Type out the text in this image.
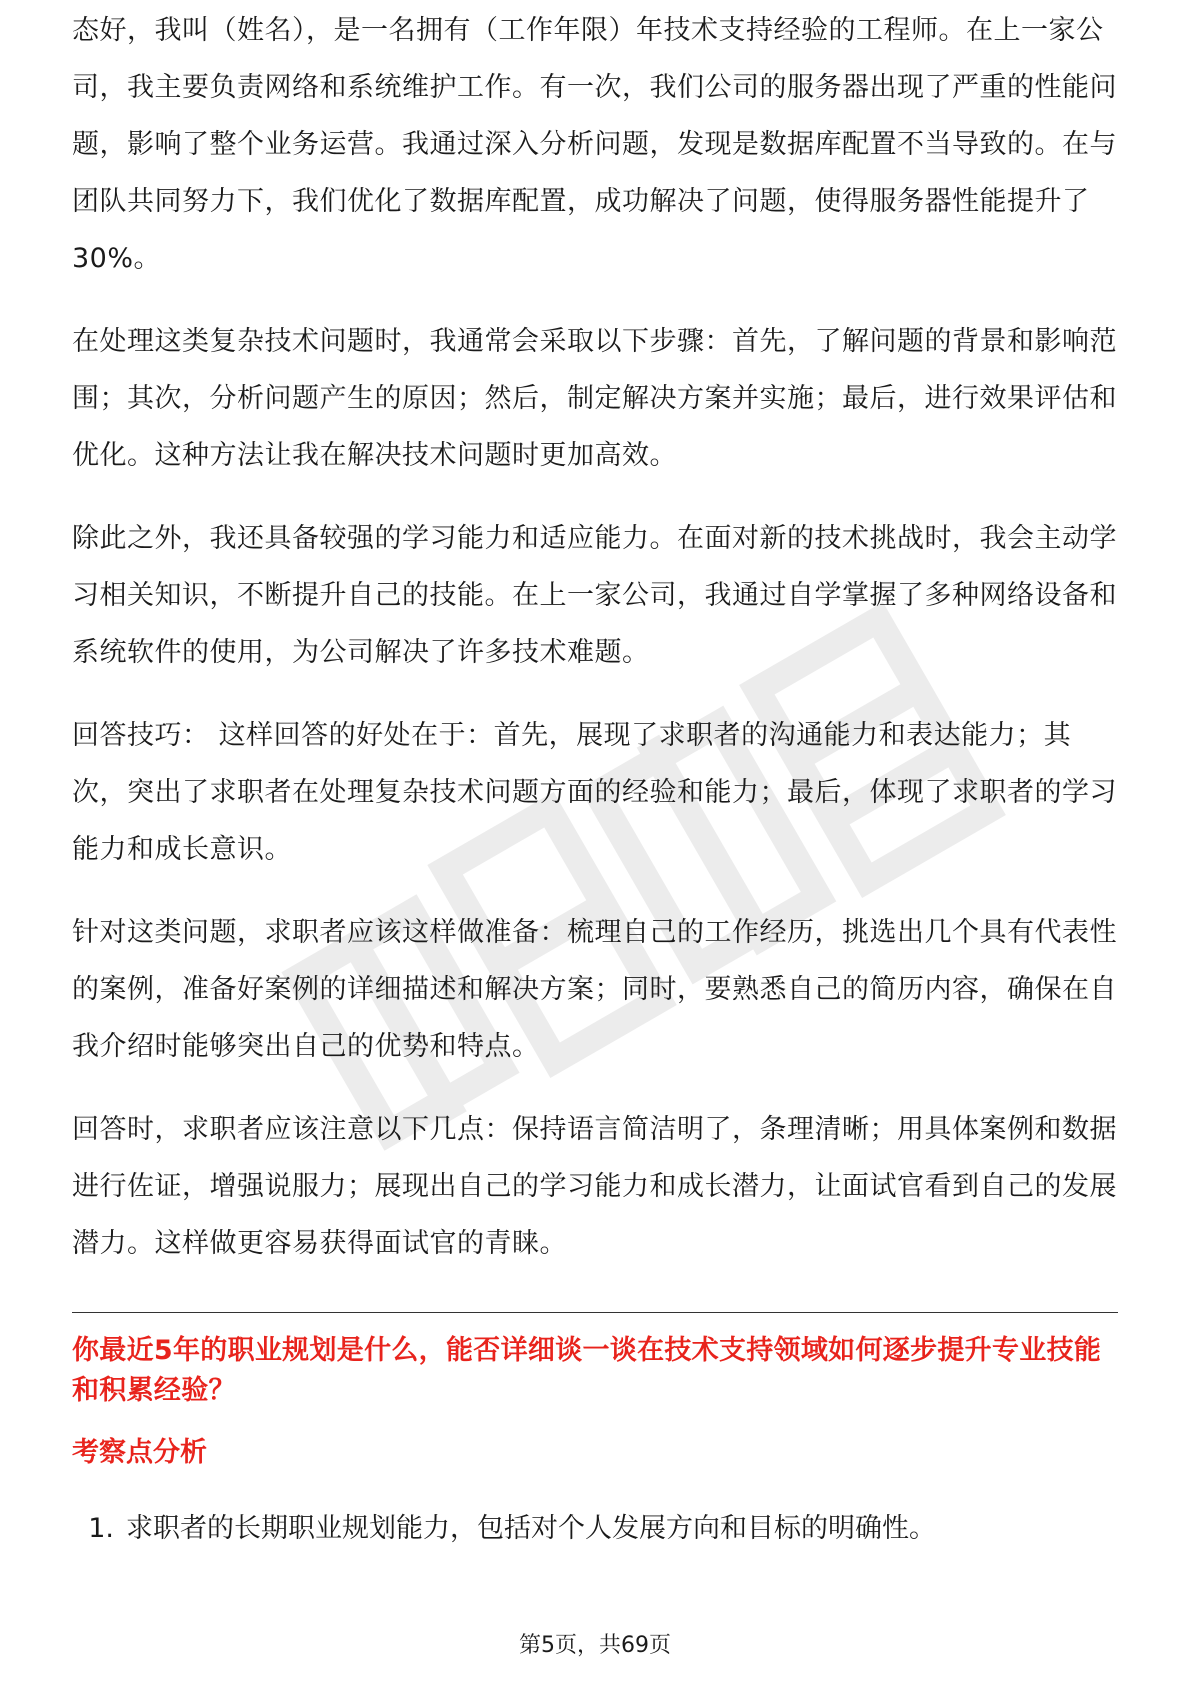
态好，我叫（姓名），是一名拥有（工作年限）年技术支持经验的工程师。在上一家公司，我主要负责网络和系统维护工作。有一次，我们公司的服务器出现了严重的性能问题，影响了整个业务运营。我通过深入分析问题，发现是数据库配置不当导致的。在与团队共同努力下，我们优化了数据库配置，成功解决了问题，使得服务器性能提升了30%。

在处理这类复杂技术问题时，我通常会采取以下步骤：首先，了解问题的背景和影响范围；其次，分析问题产生的原因；然后，制定解决方案并实施；最后，进行效果评估和优化。这种方法让我在解决技术问题时更加高效。

除此之外，我还具备较强的学习能力和适应能力。在面对新的技术挑战时，我会主动学习相关知识，不断提升自己的技能。在上一家公司，我通过自学掌握了多种网络设备和系统软件的使用，为公司解决了许多技术难题。

回答技巧： 这样回答的好处在于：首先，展现了求职者的沟通能力和表达能力；其次，突出了求职者在处理复杂技术问题方面的经验和能力；最后，体现了求职者的学习能力和成长意识。

针对这类问题，求职者应该这样做准备：梳理自己的工作经历，挑选出几个具有代表性的案例，准备好案例的详细描述和解决方案；同时，要熟悉自己的简历内容，确保在自我介绍时能够突出自己的优势和特点。

回答时，求职者应该注意以下几点：保持语言简洁明了，条理清晰；用具体案例和数据进行佐证，增强说服力；展现出自己的学习能力和成长潜力，让面试官看到自己的发展潜力。这样做更容易获得面试官的青睐。

你最近5年的职业规划是什么，能否详细谈一谈在技术支持领域如何逐步提升专业技能和积累经验？
考察点分析
1. 求职者的长期职业规划能力，包括对个人发展方向和目标的明确性。
第5页，共69页
